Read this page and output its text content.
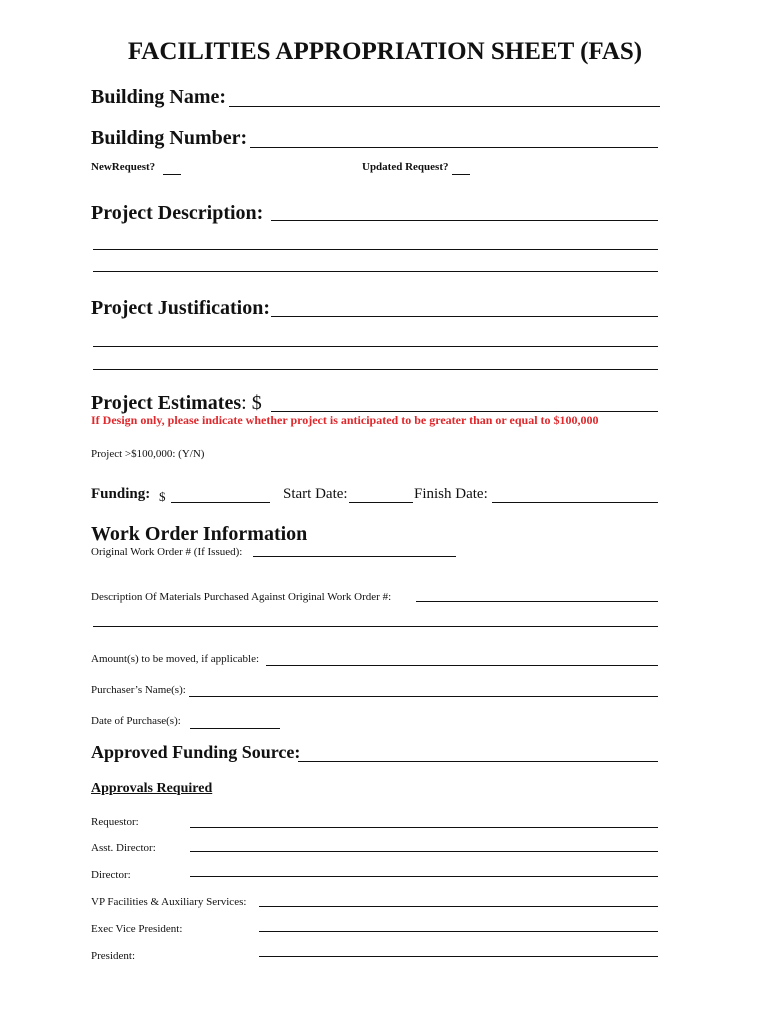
FACILITIES APPROPRIATION SHEET (FAS)
Building Name:
Building Number:
NewRequest?	Updated Request?
Project Description:
Project Justification:
Project Estimates: $
If Design only, please indicate whether project is anticipated to be greater than or equal to $100,000
Project >$100,000: (Y/N)
Funding: $	Start Date:	Finish Date:
Work Order Information
Original Work Order # (If Issued):
Description Of Materials Purchased Against Original Work Order #:
Amount(s) to be moved, if applicable:
Purchaser’s Name(s):
Date of Purchase(s):
Approved Funding Source:
Approvals Required
Requestor:
Asst. Director:
Director:
VP Facilities & Auxiliary Services:
Exec Vice President:
President:
